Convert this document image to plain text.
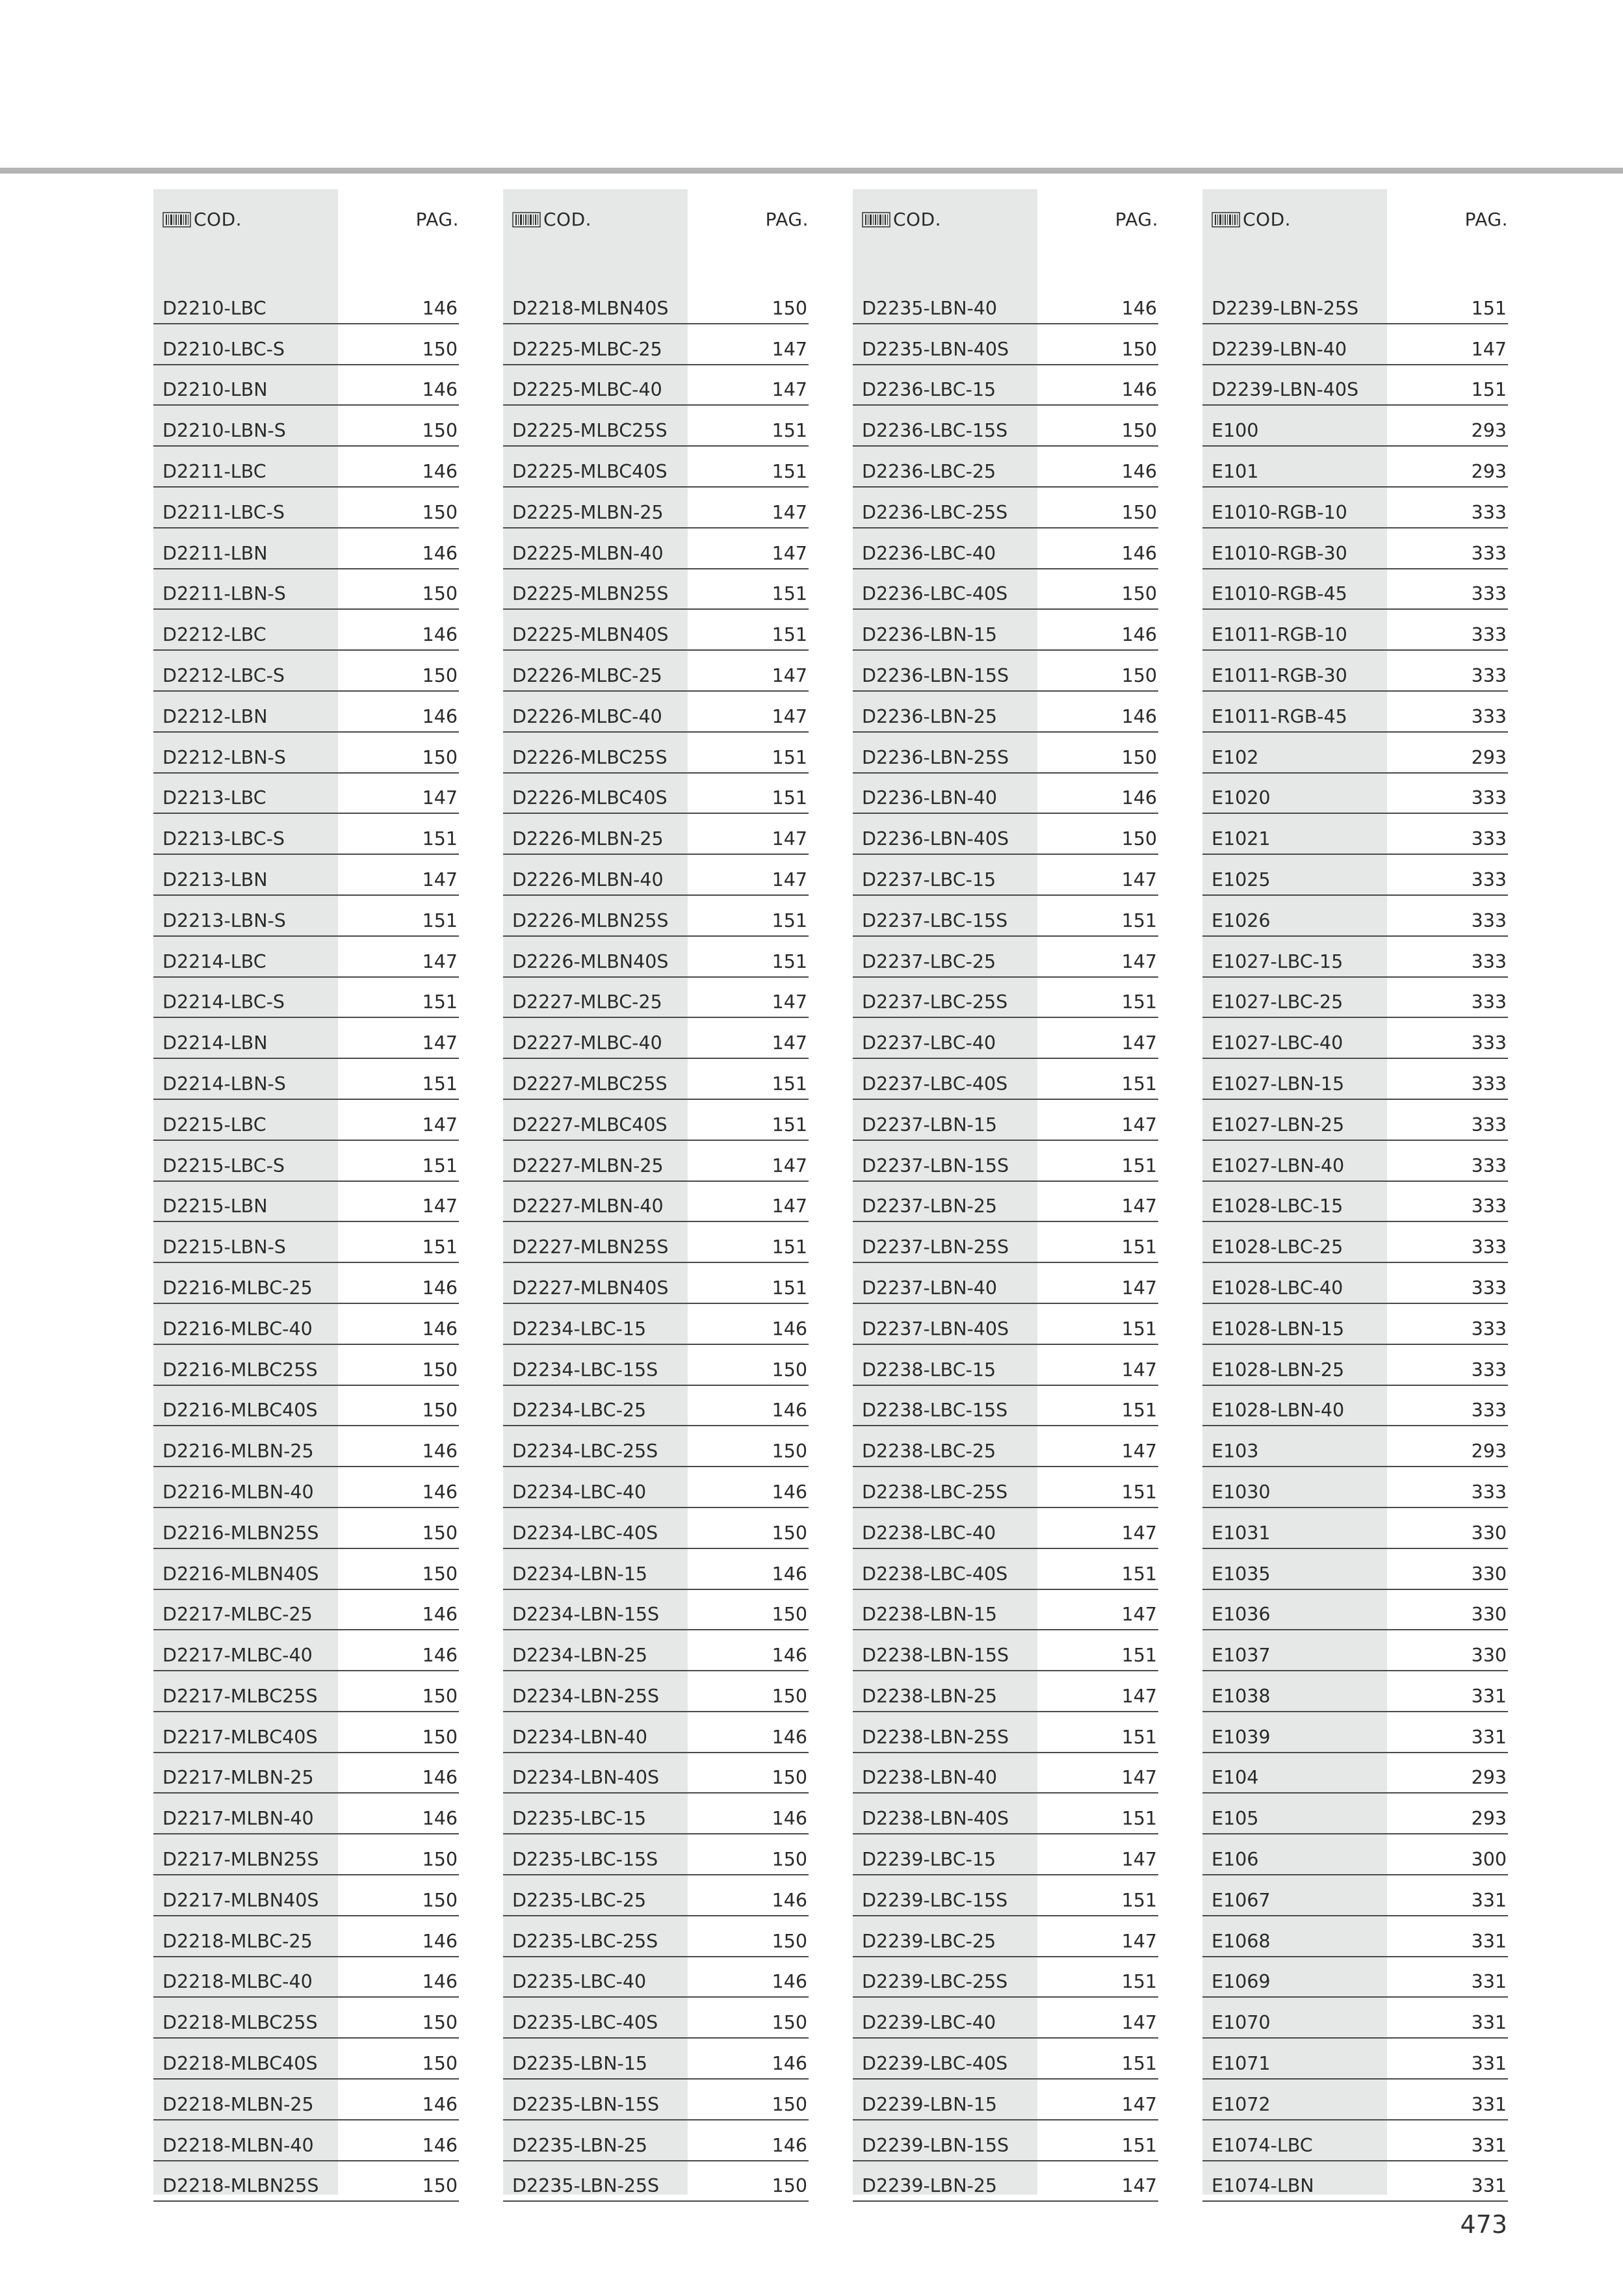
COD.	PAG.
D2210-LBC	146
D2210-LBC-S	150
D2210-LBN	146
D2210-LBN-S	150
D2211-LBC	146
D2211-LBC-S	150
D2211-LBN	146
D2211-LBN-S	150
D2212-LBC	146
D2212-LBC-S	150
D2212-LBN	146
D2212-LBN-S	150
D2213-LBC	147
D2213-LBC-S	151
D2213-LBN	147
D2213-LBN-S	151
D2214-LBC	147
D2214-LBC-S	151
D2214-LBN	147
D2214-LBN-S	151
D2215-LBC	147
D2215-LBC-S	151
D2215-LBN	147
D2215-LBN-S	151
D2216-MLBC-25	146
D2216-MLBC-40	146
D2216-MLBC25S	150
D2216-MLBC40S	150
D2216-MLBN-25	146
D2216-MLBN-40	146
D2216-MLBN25S	150
D2216-MLBN40S	150
D2217-MLBC-25	146
D2217-MLBC-40	146
D2217-MLBC25S	150
D2217-MLBC40S	150
D2217-MLBN-25	146
D2217-MLBN-40	146
D2217-MLBN25S	150
D2217-MLBN40S	150
D2218-MLBC-25	146
D2218-MLBC-40	146
D2218-MLBC25S	150
D2218-MLBC40S	150
D2218-MLBN-25	146
D2218-MLBN-40	146
D2218-MLBN25S	150
COD.	PAG.
D2218-MLBN40S	150
D2225-MLBC-25	147
D2225-MLBC-40	147
D2225-MLBC25S	151
D2225-MLBC40S	151
D2225-MLBN-25	147
D2225-MLBN-40	147
D2225-MLBN25S	151
D2225-MLBN40S	151
D2226-MLBC-25	147
D2226-MLBC-40	147
D2226-MLBC25S	151
D2226-MLBC40S	151
D2226-MLBN-25	147
D2226-MLBN-40	147
D2226-MLBN25S	151
D2226-MLBN40S	151
D2227-MLBC-25	147
D2227-MLBC-40	147
D2227-MLBC25S	151
D2227-MLBC40S	151
D2227-MLBN-25	147
D2227-MLBN-40	147
D2227-MLBN25S	151
D2227-MLBN40S	151
D2234-LBC-15	146
D2234-LBC-15S	150
D2234-LBC-25	146
D2234-LBC-25S	150
D2234-LBC-40	146
D2234-LBC-40S	150
D2234-LBN-15	146
D2234-LBN-15S	150
D2234-LBN-25	146
D2234-LBN-25S	150
D2234-LBN-40	146
D2234-LBN-40S	150
D2235-LBC-15	146
D2235-LBC-15S	150
D2235-LBC-25	146
D2235-LBC-25S	150
D2235-LBC-40	146
D2235-LBC-40S	150
D2235-LBN-15	146
D2235-LBN-15S	150
D2235-LBN-25	146
D2235-LBN-25S	150
COD.	PAG.
D2235-LBN-40	146
D2235-LBN-40S	150
D2236-LBC-15	146
D2236-LBC-15S	150
D2236-LBC-25	146
D2236-LBC-25S	150
D2236-LBC-40	146
D2236-LBC-40S	150
D2236-LBN-15	146
D2236-LBN-15S	150
D2236-LBN-25	146
D2236-LBN-25S	150
D2236-LBN-40	146
D2236-LBN-40S	150
D2237-LBC-15	147
D2237-LBC-15S	151
D2237-LBC-25	147
D2237-LBC-25S	151
D2237-LBC-40	147
D2237-LBC-40S	151
D2237-LBN-15	147
D2237-LBN-15S	151
D2237-LBN-25	147
D2237-LBN-25S	151
D2237-LBN-40	147
D2237-LBN-40S	151
D2238-LBC-15	147
D2238-LBC-15S	151
D2238-LBC-25	147
D2238-LBC-25S	151
D2238-LBC-40	147
D2238-LBC-40S	151
D2238-LBN-15	147
D2238-LBN-15S	151
D2238-LBN-25	147
D2238-LBN-25S	151
D2238-LBN-40	147
D2238-LBN-40S	151
D2239-LBC-15	147
D2239-LBC-15S	151
D2239-LBC-25	147
D2239-LBC-25S	151
D2239-LBC-40	147
D2239-LBC-40S	151
D2239-LBN-15	147
D2239-LBN-15S	151
D2239-LBN-25	147
COD.	PAG.
D2239-LBN-25S	151
D2239-LBN-40	147
D2239-LBN-40S	151
E100	293
E101	293
E1010-RGB-10	333
E1010-RGB-30	333
E1010-RGB-45	333
E1011-RGB-10	333
E1011-RGB-30	333
E1011-RGB-45	333
E102	293
E1020	333
E1021	333
E1025	333
E1026	333
E1027-LBC-15	333
E1027-LBC-25	333
E1027-LBC-40	333
E1027-LBN-15	333
E1027-LBN-25	333
E1027-LBN-40	333
E1028-LBC-15	333
E1028-LBC-25	333
E1028-LBC-40	333
E1028-LBN-15	333
E1028-LBN-25	333
E1028-LBN-40	333
E103	293
E1030	333
E1031	330
E1035	330
E1036	330
E1037	330
E1038	331
E1039	331
E104	293
E105	293
E106	300
E1067	331
E1068	331
E1069	331
E1070	331
E1071	331
E1072	331
E1074-LBC	331
E1074-LBN	331
473
